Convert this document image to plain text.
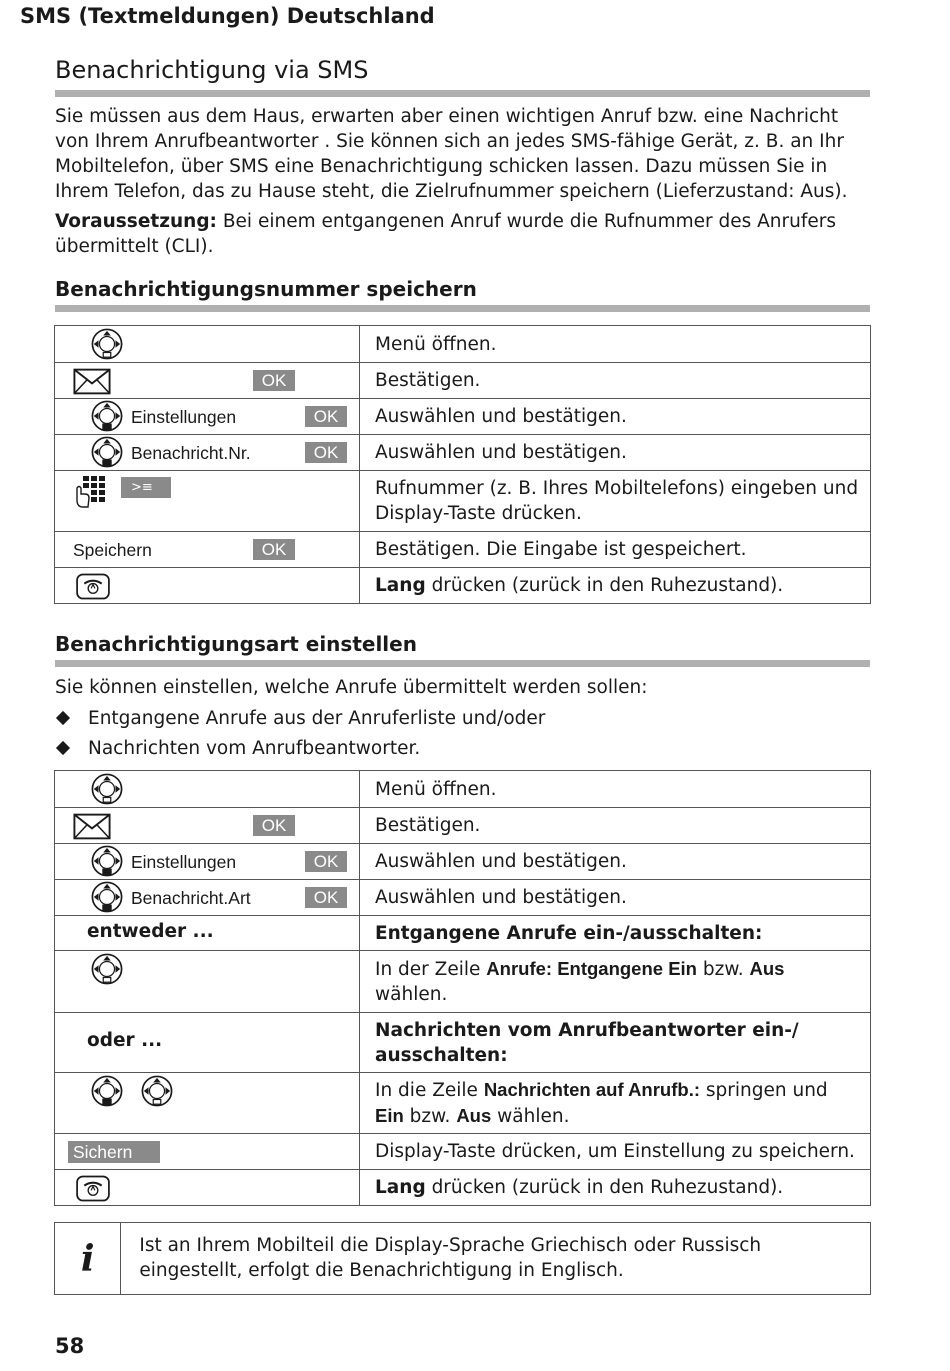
SMS (Textmeldungen) Deutschland
Benachrichtigung via SMS
Sie müssen aus dem Haus, erwarten aber einen wichtigen Anruf bzw. eine Nachricht von Ihrem Anrufbeantworter . Sie können sich an jedes SMS-fähige Gerät, z. B. an Ihr Mobiltelefon, über SMS eine Benachrichtigung schicken lassen. Dazu müssen Sie in Ihrem Telefon, das zu Hause steht, die Zielrufnummer speichern (Lieferzustand: Aus).
Voraussetzung: Bei einem entgangenen Anruf wurde die Rufnummer des Anrufers übermittelt (CLI).
Benachrichtigungsnummer speichern
	Menü öffnen.

OK	Bestätigen.

Einstellungen OK	Auswählen und bestätigen.

Benachricht.Nr. OK	Auswählen und bestätigen.

>≡	Rufnummer (z. B. Ihres Mobiltelefons) eingeben und Display-Taste drücken.

Speichern OK	Bestätigen. Die Eingabe ist gespeichert.

	Lang drücken (zurück in den Ruhezustand).
Benachrichtigungsart einstellen
Sie können einstellen, welche Anrufe übermittelt werden sollen:
Entgangene Anrufe aus der Anruferliste und/oder
Nachrichten vom Anrufbeantworter.
	Menü öffnen.

OK	Bestätigen.

Einstellungen OK	Auswählen und bestätigen.

Benachricht.Art OK	Auswählen und bestätigen.

entweder ...	Entgangene Anrufe ein-/ausschalten:

	In der Zeile Anrufe: Entgangene Ein bzw. Aus wählen.

oder ...	Nachrichten vom Anrufbeantworter ein-/ ausschalten:

	In die Zeile Nachrichten auf Anrufb.: springen und Ein bzw. Aus wählen.

Sichern	Display-Taste drücken, um Einstellung zu speichern.

	Lang drücken (zurück in den Ruhezustand).
i	Ist an Ihrem Mobilteil die Display-Sprache Griechisch oder Russisch eingestellt, erfolgt die Benachrichtigung in Englisch.
58
